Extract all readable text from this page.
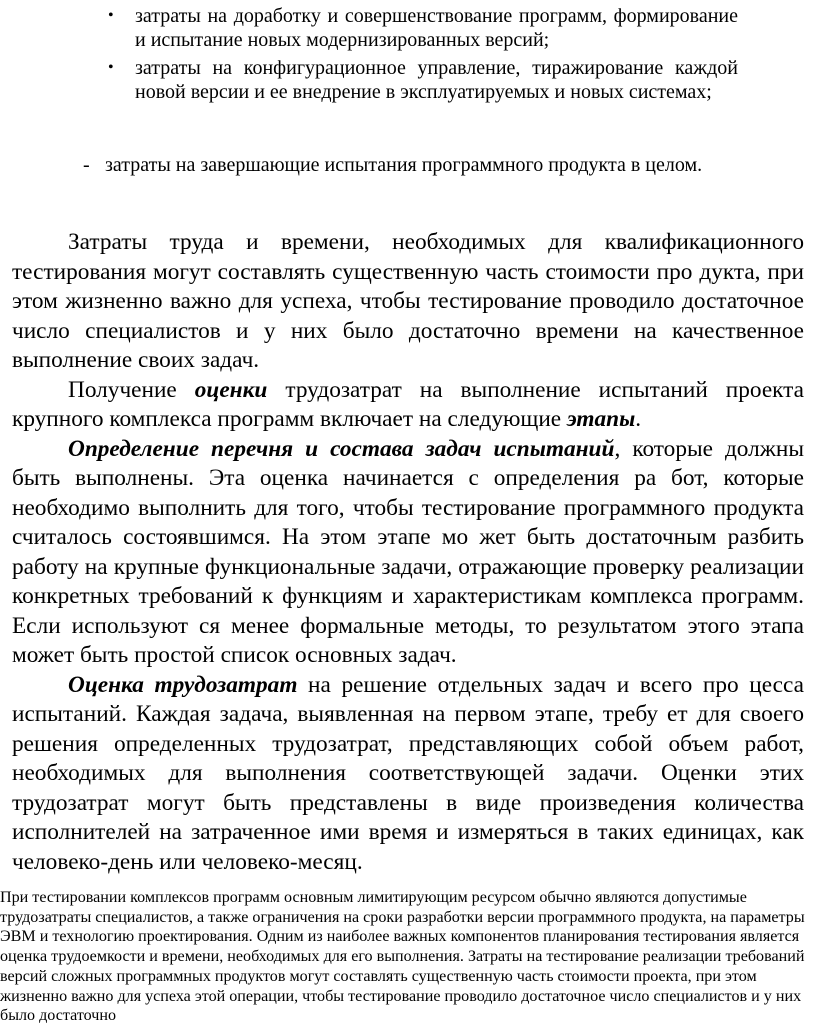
• затраты на доработку и совершенствование программ, формирование и испытание новых модернизированных версий;
• затраты на конфигурационное управление, тиражирование каждой новой версии и ее внедрение в эксплуатируемых и новых системах;
- затраты на завершающие испытания программного продукта в целом.

Затраты труда и времени, необходимых для квалификационного тестирования могут составлять существенную часть стоимости про дукта, при этом жизненно важно для успеха, чтобы тестирование проводило достаточное число специалистов и у них было достаточно времени на качественное выполнение своих задач.

Получение оценки трудозатрат на выполнение испытаний проекта крупного комплекса программ включает на следующие этапы.

Определение перечня и состава задач испытаний, которые должны быть выполнены. Эта оценка начинается с определения ра бот, которые необходимо выполнить для того, чтобы тестирование программного продукта считалось состоявшимся. На этом этапе мо жет быть достаточным разбить работу на крупные функциональные задачи, отражающие проверку реализации конкретных требований к функциям и характеристикам комплекса программ. Если используют ся менее формальные методы, то результатом этого этапа может быть простой список основных задач.

Оценка трудозатрат на решение отдельных задач и всего про цесса испытаний. Каждая задача, выявленная на первом этапе, требу ет для своего решения определенных трудозатрат, представляющих собой объем работ, необходимых для выполнения соответствующей задачи. Оценки этих трудозатрат могут быть представлены в виде произведения количества исполнителей на затраченное ими время и измеряться в таких единицах, как человеко-день или человеко-месяц.

При тестировании комплексов программ основным лимитирующим ресурсом обычно являются допустимые трудозатраты специалистов, а также ограничения на сроки разработки версии программного продукта, на параметры ЭВМ и технологию проектирования. Одним из наиболее важных компонентов планирования тестирования является оценка трудоемкости и времени, необходимых для его выполнения. Затраты на тестирование реализации требований версий сложных программных продуктов могут составлять существенную часть стоимости проекта, при этом жизненно важно для успеха этой операции, чтобы тестирование проводило достаточное число специалистов и у них было достаточно
